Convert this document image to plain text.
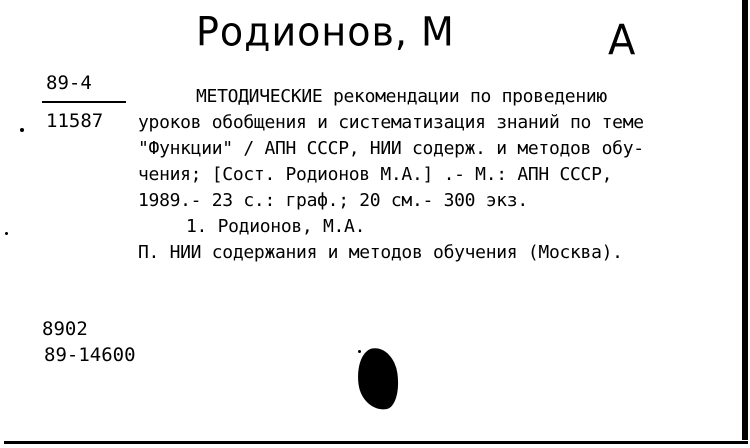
Родионов, М	А
89-4
11587
МЕТОДИЧЕСКИЕ рекомендации по проведению
уроков обобщения и систематизация знаний по теме
"Функции" / АПН СССР, НИИ содерж. и методов обу-
чения; [Сост. Родионов М.А.] .- М.: АПН СССР,
1989.- 23 с.: граф.; 20 см.- 300 экз.
1. Родионов, М.А.
П. НИИ содержания и методов обучения (Москва).
8902
89-14600
